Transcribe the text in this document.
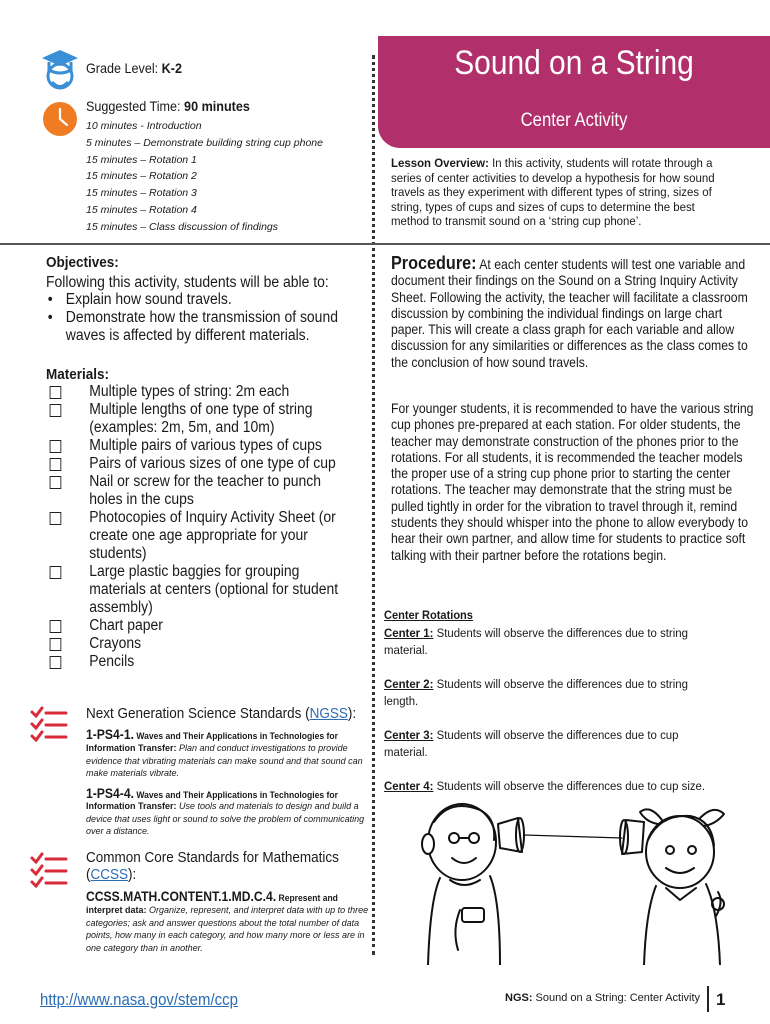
Grade Level: K-2
Suggested Time: 90 minutes
10 minutes - Introduction
5 minutes – Demonstrate building string cup phone
15 minutes – Rotation 1
15 minutes – Rotation 2
15 minutes – Rotation 3
15 minutes – Rotation 4
15 minutes – Class discussion of findings
Sound on a String
Center Activity
Lesson Overview: In this activity, students will rotate through a series of center activities to develop a hypothesis for how sound travels as they experiment with different types of string, sizes of string, types of cups and sizes of cups to determine the best method to transmit sound on a ‘string cup phone’.
Objectives:
Following this activity, students will be able to:
• Explain how sound travels.
• Demonstrate how the transmission of sound waves is affected by different materials.
Materials:
Multiple types of string: 2m each
Multiple lengths of one type of string (examples: 2m, 5m, and 10m)
Multiple pairs of various types of cups
Pairs of various sizes of one type of cup
Nail or screw for the teacher to punch holes in the cups
Photocopies of Inquiry Activity Sheet (or create one age appropriate for your students)
Large plastic baggies for grouping materials at centers (optional for student assembly)
Chart paper
Crayons
Pencils
Next Generation Science Standards (NGSS):
1-PS4-1. Waves and Their Applications in Technologies for
Information Transfer: Plan and conduct investigations to provide evidence that vibrating materials can make sound and that sound can make materials vibrate.
1-PS4-4. Waves and Their Applications in Technologies for
Information Transfer: Use tools and materials to design and build a device that uses light or sound to solve the problem of communicating over a distance.
Common Core Standards for Mathematics
(CCSS):
CCSS.MATH.CONTENT.1.MD.C.4. Represent and
interpret data: Organize, represent, and interpret data with up to three categories; ask and answer questions about the total number of data points, how many in each category, and how many more or less are in one category than in another.
Procedure: At each center students will test one variable and document their findings on the Sound on a String Inquiry Activity Sheet. Following the activity, the teacher will facilitate a classroom discussion by combining the individual findings on large chart paper. This will create a class graph for each variable and allow discussion for any similarities or differences as the class comes to the conclusion of how sound travels.
For younger students, it is recommended to have the various string cup phones pre-prepared at each station. For older students, the teacher may demonstrate construction of the phones prior to the rotations. For all students, it is recommended the teacher models the proper use of a string cup phone prior to starting the center rotations. The teacher may demonstrate that the string must be pulled tightly in order for the vibration to travel through it, remind students they should whisper into the phone to allow everybody to hear their own partner, and allow time for students to practice soft talking with their partner before the rotations begin.
Center Rotations
Center 1: Students will observe the differences due to string material.
Center 2: Students will observe the differences due to string length.
Center 3: Students will observe the differences due to cup material.
Center 4: Students will observe the differences due to cup size.
http://www.nasa.gov/stem/ccp	NGS: Sound on a String: Center Activity 1
